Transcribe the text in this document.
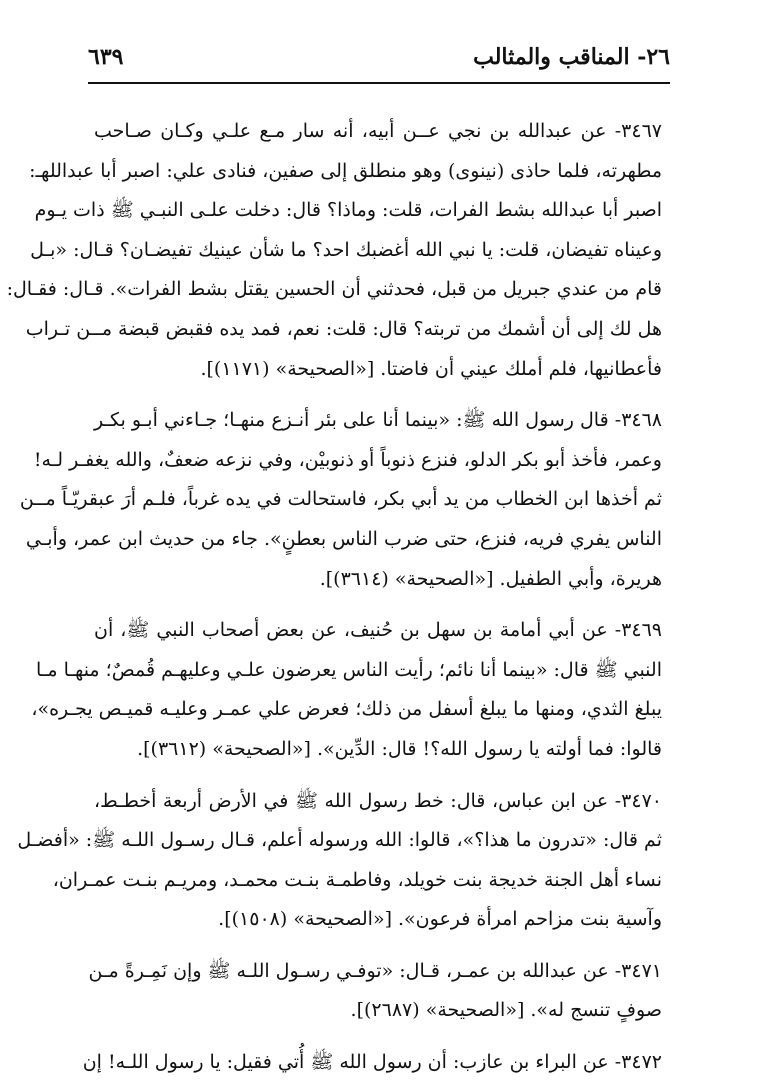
٢٦- المناقب والمثالب
٦٣٩
٣٤٦٧- عن عبدالله بن نجي عــن أبيه، أنه سار مـع علـي وكـان صـاحب
مطهرته، فلما حاذى (نينوى) وهو منطلق إلى صفين، فنادى علي: اصبر أبا عبداللهـ:
اصبر أبا عبدالله بشط الفرات، قلت: وماذا؟ قال: دخلت علـى النبـي ﷺ ذات يـوم
وعيناه تفيضان، قلت: يا نبي الله أغضبك احد؟ ما شأن عينيك تفيضـان؟ قـال: «بـل
قام من عندي جبريل من قبل، فحدثني أن الحسين يقتل بشط الفرات». قـال: فقـال:
هل لك إلى أن أشمك من تربته؟ قال: قلت: نعم، فمد يده فقبض قبضة مــن تـراب
فأعطانيها، فلم أملك عيني أن فاضتا. [«الصحيحة» (١١٧١)].
٣٤٦٨- قال رسول الله ﷺ: «بينما أنا على بئر أنـزع منهـا؛ جـاءني أبـو بكـر
وعمر، فأخذ أبو بكر الدلو، فنزع ذنوباً أو ذنوبيْن، وفي نزعه ضعفٌ، والله يغفـر لـه!
ثم أخذها ابن الخطاب من يد أبي بكر، فاستحالت في يده غرباً، فلـم أرَ عبقريّـاً مــن
الناس يفري فريه، فنزع، حتى ضرب الناس بعطنٍ». جاء من حديث ابن عمر، وأبـي
هريرة، وأبي الطفيل. [«الصحيحة» (٣٦١٤)].
٣٤٦٩- عن أبي أمامة بن سهل بن حُنيف، عن بعض أصحاب النبي ﷺ، أن
النبي ﷺ قال: «بينما أنا نائم؛ رأيت الناس يعرضون علـي وعليهـم قُمصٌ؛ منهـا مـا
يبلغ الثدي، ومنها ما يبلغ أسفل من ذلك؛ فعرض علي عمـر وعليـه قميـص يجـره»،
قالوا: فما أولته يا رسول الله؟! قال: الدِّين». [«الصحيحة» (٣٦١٢)].
٣٤٧٠- عن ابن عباس، قال: خط رسول الله ﷺ في الأرض أربعة أخطـط،
ثم قال: «تدرون ما هذا؟»، قالوا: الله ورسوله أعلم، قـال رسـول اللـه ﷺ: «أفضـل
نساء أهل الجنة خديجة بنت خويلد، وفاطمـة بنـت محمـد، ومريـم بنـت عمـران،
وآسية بنت مزاحم امرأة فرعون». [«الصحيحة» (١٥٠٨)].
٣٤٧١- عن عبدالله بن عمـر، قـال: «توفـي رسـول اللـه ﷺ وإن نَمِـرةً مـن
صوفٍ تنسج له». [«الصحيحة» (٢٦٨٧)].
٣٤٧٢- عن البراء بن عازب: أن رسول الله ﷺ أُتي فقيل: يا رسول اللـه! إن
